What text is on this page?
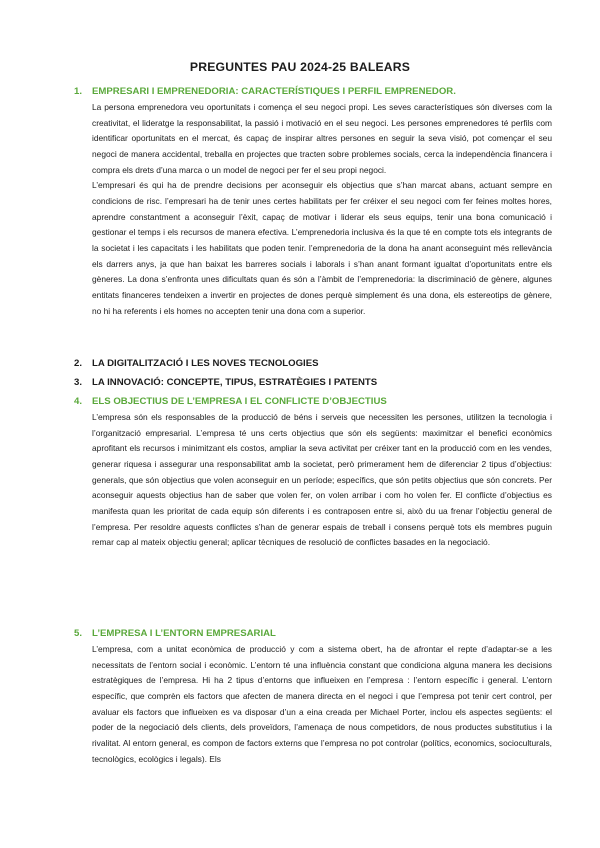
PREGUNTES PAU 2024-25 BALEARS
1. EMPRESARI I EMPRENEDORIA: CARACTERÍSTIQUES I PERFIL EMPRENEDOR.

La persona emprenedora veu oportunitats i comença el seu negoci propi. Les seves característiques són diverses com la creativitat, el lideratge la responsabilitat, la passió i motivació en el seu negoci. Les persones emprenedores té perfils com identificar oportunitats en el mercat, és capaç de inspirar altres persones en seguir la seva visió, pot començar el seu negoci de manera accidental, treballa en projectes que tracten sobre problemes socials, cerca la independència financera i compra els drets d’una marca o un model de negoci per fer el seu propi negoci.

L’empresari és qui ha de prendre decisions per aconseguir els objectius que s’han marcat abans, actuant sempre en condicions de risc. l’empresari ha de tenir unes certes habilitats per fer créixer el seu negoci com fer feines moltes hores, aprendre constantment a aconseguir l’èxit, capaç de motivar i liderar els seus equips, tenir una bona comunicació i gestionar el temps i els recursos de manera efectiva. L’emprenedoria inclusiva és la que té en compte tots els integrants de la societat i les capacitats i les habilitats que poden tenir. l’emprenedoria de la dona ha anant aconseguint més rellevància els darrers anys, ja que han baixat les barreres socials i laborals i s’han anant formant igualtat d’oportunitats entre els gèneres. La dona s’enfronta unes dificultats quan és són a l’àmbit de l’emprenedoria: la discriminació de gènere, algunes entitats financeres tendeixen a invertir en projectes de dones perquè simplement és una dona, els estereotips de gènere, no hi ha referents i els homes no accepten tenir una dona com a superior.

2. LA DIGITALITZACIÓ I LES NOVES TECNOLOGIES
3. LA INNOVACIÓ: CONCEPTE, TIPUS, ESTRATÈGIES I PATENTS
4. ELS OBJECTIUS DE L’EMPRESA I EL CONFLICTE D’OBJECTIUS

L’empresa són els responsables de la producció de béns i serveis que necessiten les persones, utilitzen la tecnologia i l’organització empresarial. L’empresa té uns certs objectius que són els següents: maximitzar el benefici econòmics aprofitant els recursos i minimitzant els costos, ampliar la seva activitat per créixer tant en la producció com en les vendes, generar riquesa i assegurar una responsabilitat amb la societat, però primerament hem de diferenciar 2 tipus d’objectius: generals, que són objectius que volen aconseguir en un període; específics, que són petits objectius que són concrets. Per aconseguir aquests objectius han de saber que volen fer, on volen arribar i com ho volen fer. El conflicte d’objectius es manifesta quan les prioritat de cada equip són diferents i es contraposen entre si, això du ua frenar l’objectiu general de l’empresa. Per resoldre aquests conflictes s’han de generar espais de treball i consens perquè tots els membres puguin remar cap al mateix objectiu general; aplicar tècniques de resolució de conflictes basades en la negociació.

5. L’EMPRESA I L’ENTORN EMPRESARIAL

L’empresa, com a unitat econòmica de producció y com a sistema obert, ha de afrontar el repte d’adaptar-se a les necessitats de l’entorn social i econòmic. L’entorn té una influència constant que condiciona alguna manera les decisions estratègiques de l’empresa. Hi ha 2 tipus d’entorns que influeixen en l’empresa : l’entorn específic i general. L’entorn específic, que comprèn els factors que afecten de manera directa en el negoci i que l’empresa pot tenir cert control, per avaluar els factors que influeixen es va disposar d’un a eina creada per Michael Porter, inclou els aspectes següents: el poder de la negociació dels clients, dels proveïdors, l’amenaça de nous competidors, de nous productes substitutius i la rivalitat. Al entorn general, es compon de factors externs que l’empresa no pot controlar (polítics, economics, socioculturals, tecnològics, ecològics i legals). Els
